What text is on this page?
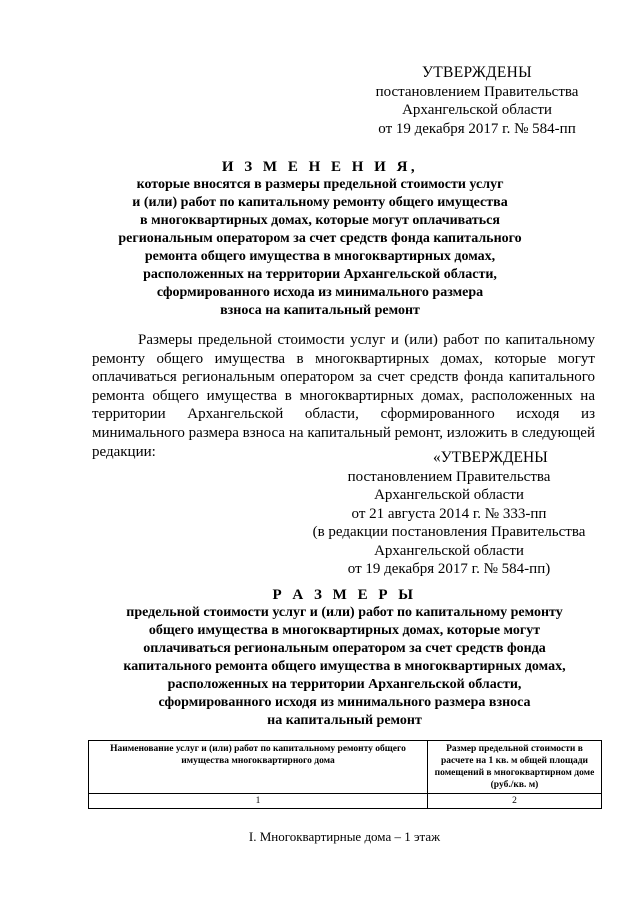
УТВЕРЖДЕНЫ
постановлением Правительства
Архангельской области
от 19 декабря 2017 г. № 584-пп
И З М Е Н Е Н И Я,
которые вносятся в размеры предельной стоимости услуг
и (или) работ по капитальному ремонту общего имущества
в многоквартирных домах, которые могут оплачиваться
региональным оператором за счет средств фонда капитального
ремонта общего имущества в многоквартирных домах,
расположенных на территории Архангельской области,
сформированного исхода из минимального размера
взноса на капитальный ремонт

Размеры предельной стоимости услуг и (или) работ по капитальному ремонту общего имущества в многоквартирных домах, которые могут оплачиваться региональным оператором за счет средств фонда капитального ремонта общего имущества в многоквартирных домах, расположенных на территории Архангельской области, сформированного исходя из минимального размера взноса на капитальный ремонт, изложить в следующей редакции:	«УТВЕРЖДЕНЫ
постановлением Правительства
Архангельской области
от 21 августа 2014 г. № 333-пп
(в редакции постановления Правительства
Архангельской области
от 19 декабря 2017 г. № 584-пп)
Р А З М Е Р Ы
предельной стоимости услуг и (или) работ по капитальному ремонту
общего имущества в многоквартирных домах, которые могут
оплачиваться региональным оператором за счет средств фонда
капитального ремонта общего имущества в многоквартирных домах,
расположенных на территории Архангельской области,
сформированного исходя из минимального размера взноса
на капитальный ремонт
Наименование услуг и (или) работ по капитальному ремонту общего имущества многоквартирного дома	Размер предельной стоимости в расчете на 1 кв. м общей площади помещений в многоквартирном доме (руб./кв. м)
1	2
I. Многоквартирные дома – 1 этаж
